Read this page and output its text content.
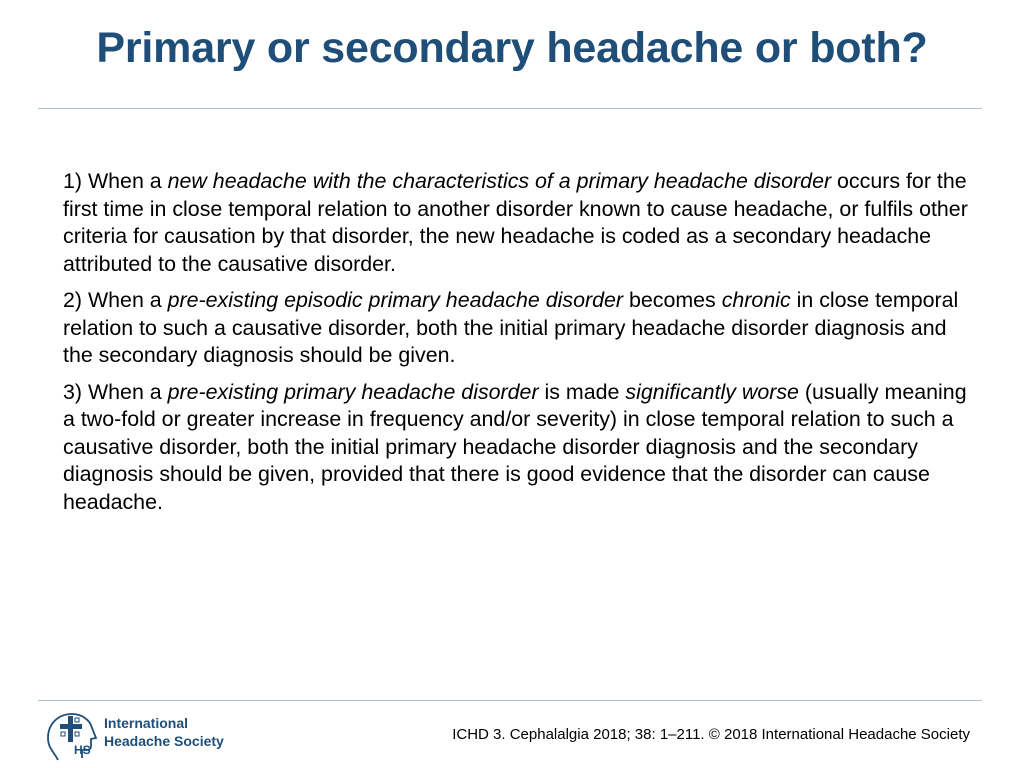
Primary or secondary headache or both?

1) When a new headache with the characteristics of a primary headache disorder occurs for the first time in close temporal relation to another disorder known to cause headache, or fulfils other criteria for causation by that disorder, the new headache is coded as a secondary headache attributed to the causative disorder.

2) When a pre-existing episodic primary headache disorder becomes chronic in close temporal relation to such a causative disorder, both the initial primary headache disorder diagnosis and the secondary diagnosis should be given.

3) When a pre-existing primary headache disorder is made significantly worse (usually meaning a two-fold or greater increase in frequency and/or severity) in close temporal relation to such a causative disorder, both the initial primary headache disorder diagnosis and the secondary diagnosis should be given, provided that there is good evidence that the disorder can cause headache.

HS
International
Headache Society	ICHD 3. Cephalalgia 2018; 38: 1–211. © 2018 International Headache Society
